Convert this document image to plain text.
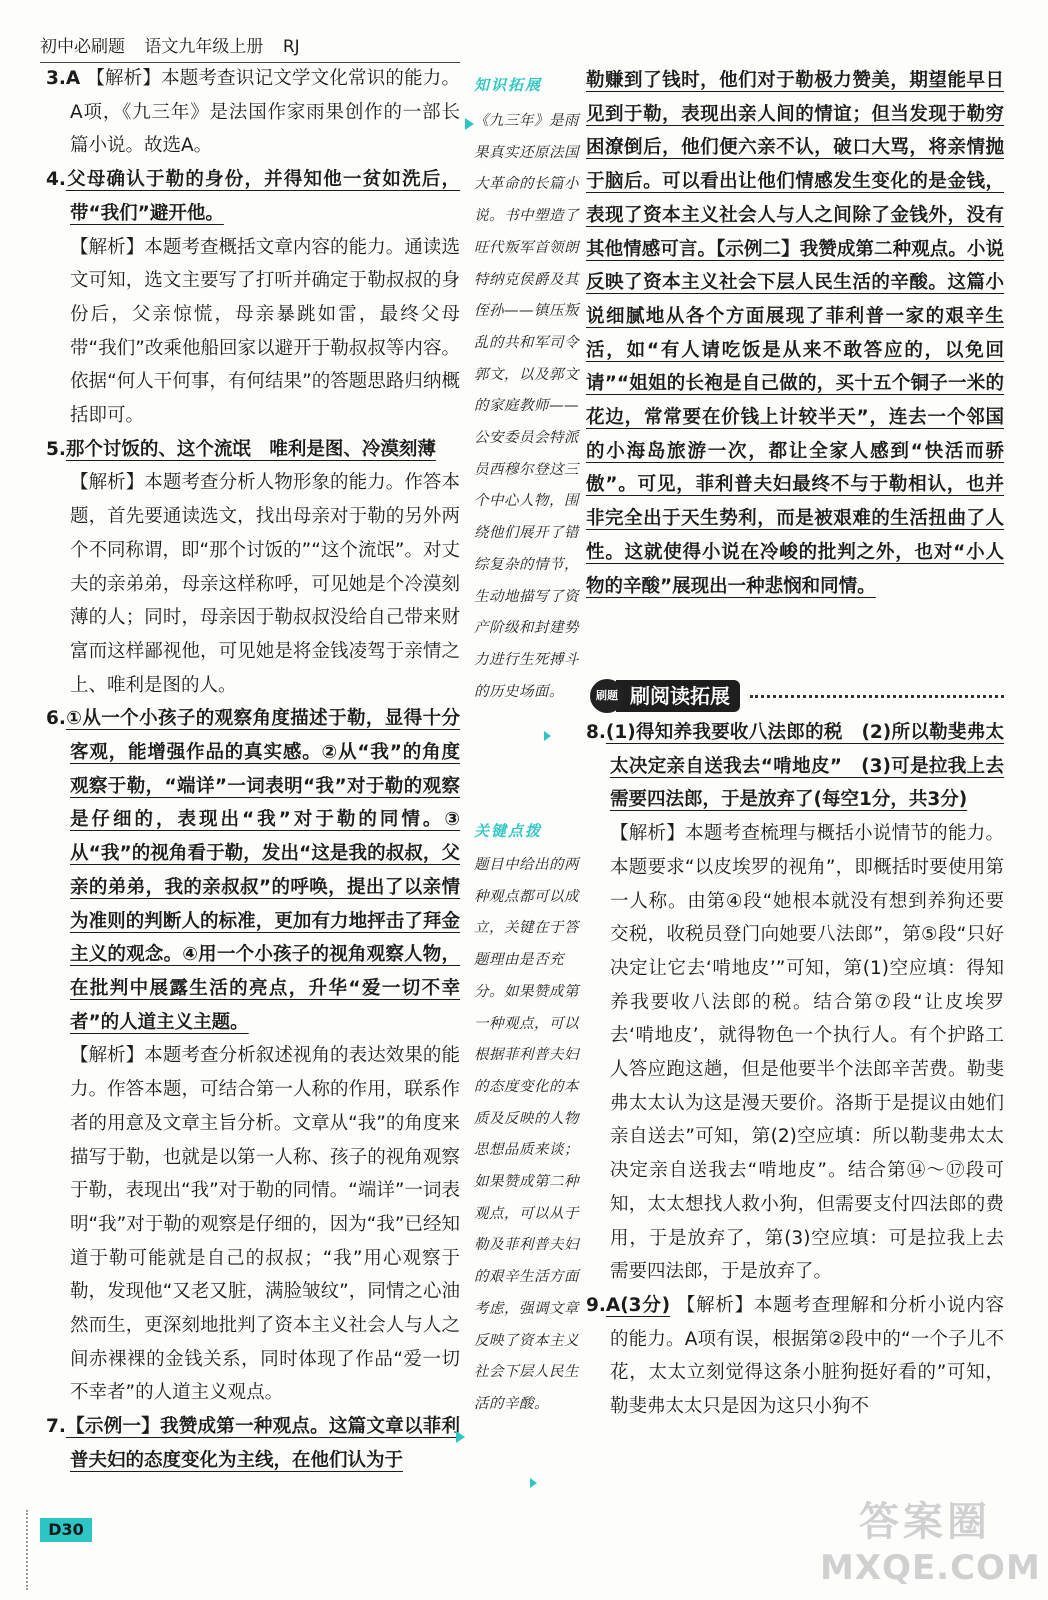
初中必刷题 语文九年级上册 RJ

3.A 【解析】本题考查识记文学文化常识的能力。A项，《九三年》是法国作家雨果创作的一部长篇小说。故选A。

4.父母确认于勒的身份，并得知他一贫如洗后，带“我们”避开他。

【解析】本题考查概括文章内容的能力。通读选文可知，选文主要写了打听并确定于勒叔叔的身份后，父亲惊慌，母亲暴跳如雷，最终父母带“我们”改乘他船回家以避开于勒叔叔等内容。依据“何人干何事，有何结果”的答题思路归纳概括即可。

5.那个讨饭的、这个流氓　唯利是图、冷漠刻薄

【解析】本题考查分析人物形象的能力。作答本题，首先要通读选文，找出母亲对于勒的另外两个不同称谓，即“那个讨饭的”“这个流氓”。对丈夫的亲弟弟，母亲这样称呼，可见她是个冷漠刻薄的人；同时，母亲因于勒叔叔没给自己带来财富而这样鄙视他，可见她是将金钱凌驾于亲情之上、唯利是图的人。

6.①从一个小孩子的观察角度描述于勒，显得十分客观，能增强作品的真实感。②从“我”的角度观察于勒，“端详”一词表明“我”对于勒的观察是仔细的，表现出“我”对于勒的同情。③从“我”的视角看于勒，发出“这是我的叔叔，父亲的弟弟，我的亲叔叔”的呼唤，提出了以亲情为准则的判断人的标准，更加有力地抨击了拜金主义的观念。④用一个小孩子的视角观察人物，在批判中展露生活的亮点，升华“爱一切不幸者”的人道主义主题。

【解析】本题考查分析叙述视角的表达效果的能力。作答本题，可结合第一人称的作用，联系作者的用意及文章主旨分析。文章从“我”的角度来描写于勒，也就是以第一人称、孩子的视角观察于勒，表现出“我”对于勒的同情。“端详”一词表明“我”对于勒的观察是仔细的，因为“我”已经知道于勒可能就是自己的叔叔；“我”用心观察于勒，发现他“又老又脏，满脸皱纹”，同情之心油然而生，更深刻地批判了资本主义社会人与人之间赤裸裸的金钱关系，同时体现了作品“爱一切不幸者”的人道主义观点。

7.【示例一】我赞成第一种观点。这篇文章以菲利普夫妇的态度变化为主线，在他们认为于

知识拓展
《九三年》是雨果真实还原法国大革命的长篇小说。书中塑造了旺代叛军首领朗特纳克侯爵及其侄孙——镇压叛乱的共和军司令郭文，以及郭文的家庭教师——公安委员会特派员西穆尔登这三个中心人物，围绕他们展开了错综复杂的情节，生动地描写了资产阶级和封建势力进行生死搏斗的历史场面。
关键点拨
题目中给出的两种观点都可以成立，关键在于答题理由是否充分。如果赞成第一种观点，可以根据菲利普夫妇的态度变化的本质及反映的人物思想品质来谈；如果赞成第二种观点，可以从于勒及菲利普夫妇的艰辛生活方面考虑，强调文章反映了资本主义社会下层人民生活的辛酸。

勒赚到了钱时，他们对于勒极力赞美，期望能早日见到于勒，表现出亲人间的情谊；但当发现于勒穷困潦倒后，他们便六亲不认，破口大骂，将亲情抛于脑后。可以看出让他们情感发生变化的是金钱，表现了资本主义社会人与人之间除了金钱外，没有其他情感可言。【示例二】我赞成第二种观点。小说反映了资本主义社会下层人民生活的辛酸。这篇小说细腻地从各个方面展现了菲利普一家的艰辛生活，如“有人请吃饭是从来不敢答应的，以免回请”“姐姐的长袍是自己做的，买十五个铜子一米的花边，常常要在价钱上计较半天”，连去一个邻国的小海岛旅游一次，都让全家人感到“快活而骄傲”。可见，菲利普夫妇最终不与于勒相认，也并非完全出于天生势利，而是被艰难的生活扭曲了人性。这就使得小说在冷峻的批判之外，也对“小人物的辛酸”展现出一种悲悯和同情。

刷阅读拓展
刷题

8.(1)得知养我要收八法郎的税　(2)所以勒斐弗太太决定亲自送我去“啃地皮”　(3)可是拉我上去需要四法郎，于是放弃了(每空1分，共3分)

【解析】本题考查梳理与概括小说情节的能力。本题要求“以皮埃罗的视角”，即概括时要使用第一人称。由第④段“她根本就没有想到养狗还要交税，收税员登门向她要八法郎”，第⑤段“只好决定让它去‘啃地皮’”可知，第(1)空应填：得知养我要收八法郎的税。结合第⑦段“让皮埃罗去‘啃地皮’，就得物色一个执行人。有个护路工人答应跑这趟，但是他要半个法郎辛苦费。勒斐弗太太认为这是漫天要价。洛斯于是提议由她们亲自送去”可知，第(2)空应填：所以勒斐弗太太决定亲自送我去“啃地皮”。结合第⑭～⑰段可知，太太想找人救小狗，但需要支付四法郎的费用，于是放弃了，第(3)空应填：可是拉我上去需要四法郎，于是放弃了。

9.A(3分) 【解析】本题考查理解和分析小说内容的能力。A项有误，根据第②段中的“一个子儿不花，太太立刻觉得这条小脏狗挺好看的”可知，勒斐弗太太只是因为这只小狗不

D30	答案圈
MXQE.COM
